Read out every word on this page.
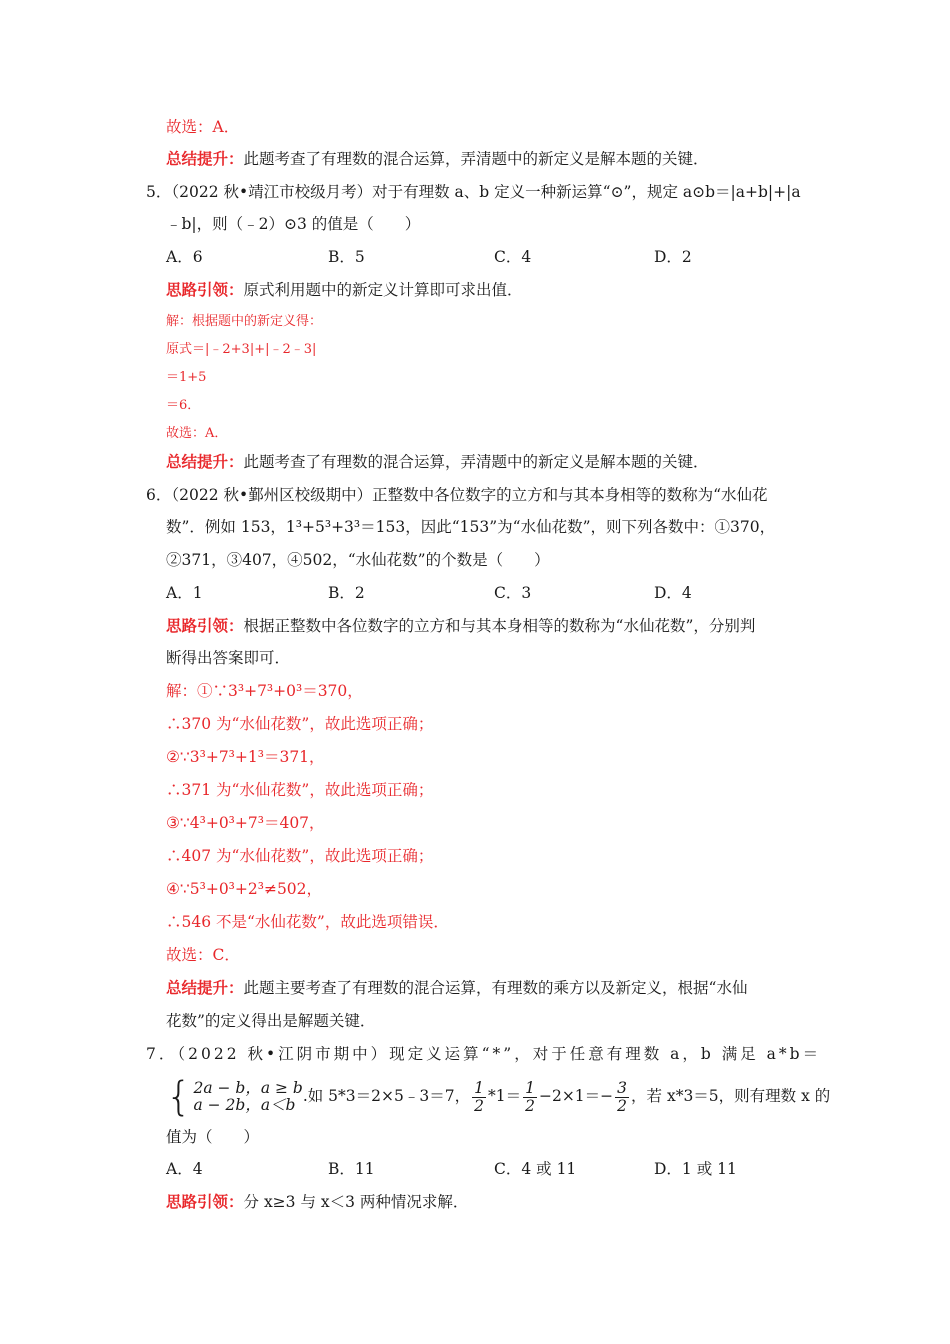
故选：A．
总结提升：此题考查了有理数的混合运算，弄清题中的新定义是解本题的关键．
5．（2022 秋•靖江市校级月考）对于有理数 a、b 定义一种新运算“⊙”，规定 a⊙b＝|a+b|+|a
﹣b|，则（﹣2）⊙3 的值是（　　）
A．6	B．5	C．4	D．2
思路引领：原式利用题中的新定义计算即可求出值．
解：根据题中的新定义得：
原式＝|﹣2+3|+|﹣2﹣3|
＝1+5
＝6．
故选：A．
总结提升：此题考查了有理数的混合运算，弄清题中的新定义是解本题的关键．
6．（2022 秋•鄞州区校级期中）正整数中各位数字的立方和与其本身相等的数称为“水仙花
数”．例如 153，1³+5³+3³＝153，因此“153”为“水仙花数”，则下列各数中：①370，
②371，③407，④502，“水仙花数”的个数是（　　）
A．1	B．2	C．3	D．4
思路引领：根据正整数中各位数字的立方和与其本身相等的数称为“水仙花数”，分别判
断得出答案即可．
解：①∵3³+7³+0³＝370，
∴370 为“水仙花数”，故此选项正确；
②∵3³+7³+1³＝371，
∴371 为“水仙花数”，故此选项正确；
③∵4³+0³+7³＝407，
∴407 为“水仙花数”，故此选项正确；
④∵5³+0³+2³≠502，
∴546 不是“水仙花数”，故此选项错误．
故选：C．
总结提升：此题主要考查了有理数的混合运算，有理数的乘方以及新定义，根据“水仙
花数”的定义得出是解题关键．
7．（2022 秋•江阴市期中）现定义运算“*”，对于任意有理数 a，b 满足 a*b＝
{ 2a − b，a ≥ b
a − 2b，a＜b .如 5*3＝2×5﹣3＝7， $\frac{1}{2} *1= \frac{1}{2} -2\times 1=- \frac{3}{2}$ ，若 x*3＝5，则有理数 x 的
值为（　　）
A．4	B．11	C．4 或 11	D．1 或 11
思路引领：分 x≥3 与 x＜3 两种情况求解．
